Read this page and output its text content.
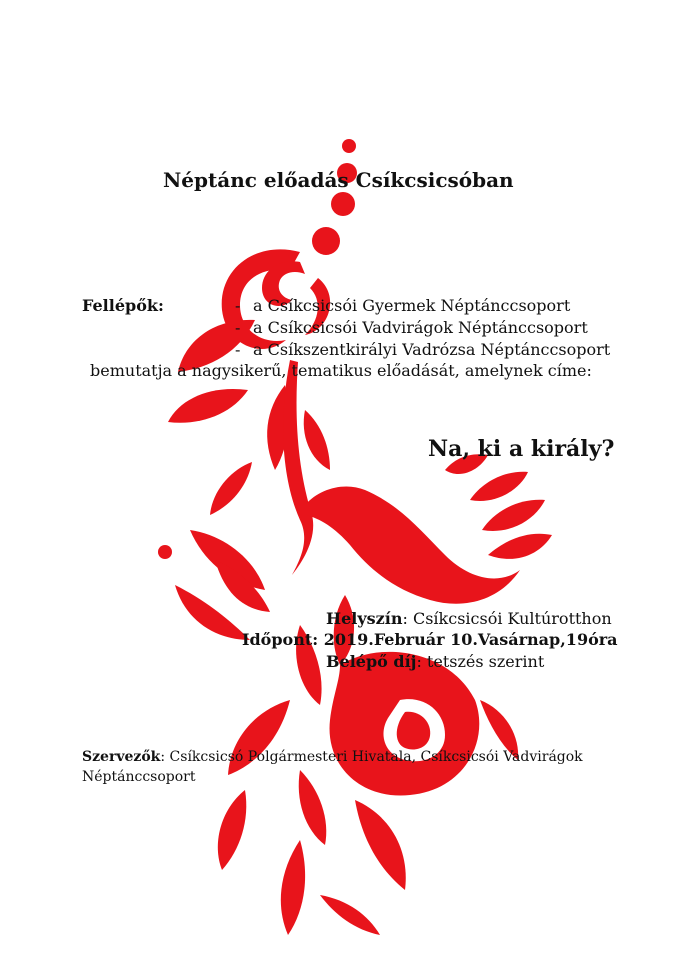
Néptánc előadás Csíkcsicsóban
Fellépők:	- a Csíkcsicsói Gyermek Néptánccsoport
- a Csíkcsicsói Vadvirágok Néptánccsoport
- a Csíkszentkirályi Vadrózsa Néptánccsoport
bemutatja a nagysikerű, tematikus előadását, amelynek címe:
Na, ki a király?
Helyszín: Csíkcsicsói Kultúrotthon
Időpont: 2019.Február 10.Vasárnap,19óra
Belépő díj: tetszés szerint
Szervezők: Csíkcsicsó Polgármesteri Hivatala, Csíkcsicsói Vadvirágok
Néptánccsoport
